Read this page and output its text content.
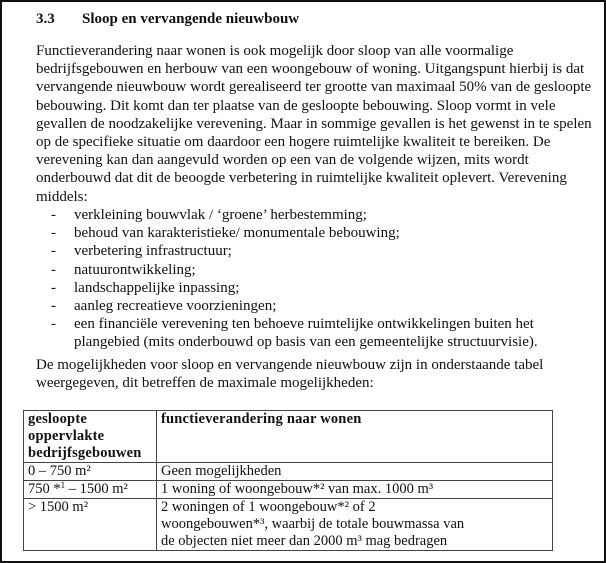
3.3 Sloop en vervangende nieuwbouw
Functieverandering naar wonen is ook mogelijk door sloop van alle voormalige
bedrijfsgebouwen en herbouw van een woongebouw of woning. Uitgangspunt hierbij is dat
vervangende nieuwbouw wordt gerealiseerd ter grootte van maximaal 50% van de gesloopte
bebouwing. Dit komt dan ter plaatse van de gesloopte bebouwing. Sloop vormt in vele
gevallen de noodzakelijke verevening. Maar in sommige gevallen is het gewenst in te spelen
op de specifieke situatie om daardoor een hogere ruimtelijke kwaliteit te bereiken. De
verevening kan dan aangevuld worden op een van de volgende wijzen, mits wordt
onderbouwd dat dit de beoogde verbetering in ruimtelijke kwaliteit oplevert. Verevening
middels:
- verkleining bouwvlak / ‘groene’ herbestemming;
- behoud van karakteristieke/ monumentale bebouwing;
- verbetering infrastructuur;
- natuurontwikkeling;
- landschappelijke inpassing;
- aanleg recreatieve voorzieningen;
- een financiële verevening ten behoeve ruimtelijke ontwikkelingen buiten het
plangebied (mits onderbouwd op basis van een gemeentelijke structuurvisie).
De mogelijkheden voor sloop en vervangende nieuwbouw zijn in onderstaande tabel
weergegeven, dit betreffen de maximale mogelijkheden:
gesloopte
oppervlakte
bedrijfsgebouwen	functieverandering naar wonen
0 – 750 m²	Geen mogelijkheden

750 *$^1$ – 1500 m²	1 woning of woongebouw*² van max. 1000 m³

> 1500 m²	2 woningen of 1 woongebouw*² of 2
woongebouwen*³, waarbij de totale bouwmassa van
de objecten niet meer dan 2000 m³ mag bedragen
